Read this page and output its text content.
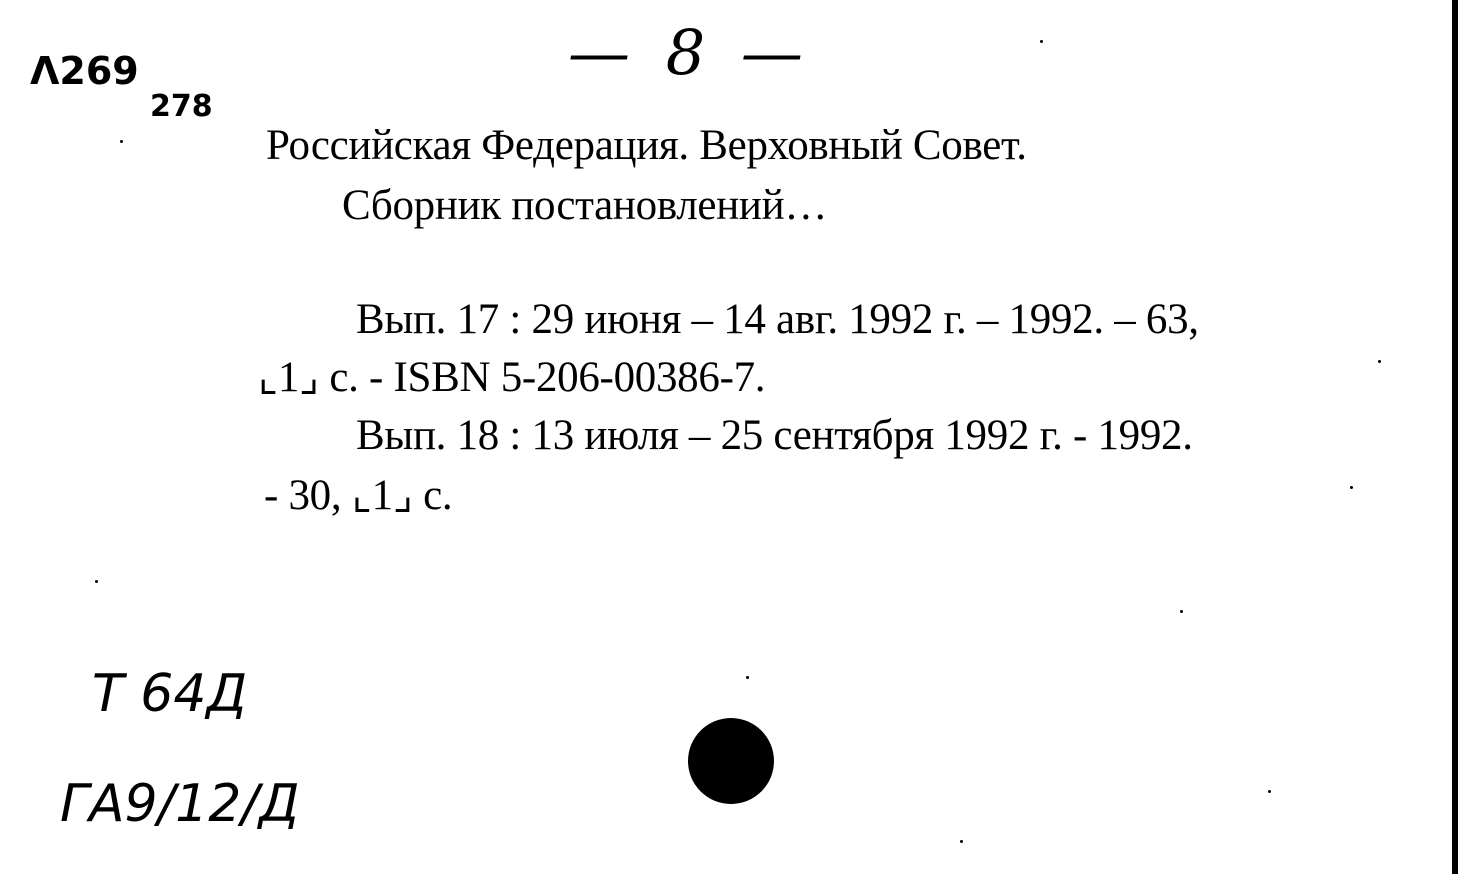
Λ269
278
— 8 —
Российская Федерация. Верховный Совет.
Сборник постановлений…
Вып. 17 : 29 июня – 14 авг. 1992 г. – 1992. – 63,
⌞1⌟ с. - ISBN 5-206-00386-7.
Вып. 18 : 13 июля – 25 сентября 1992 г. - 1992.
- 30, ⌞1⌟ с.
Т 64Д
ГА9/12/Д
